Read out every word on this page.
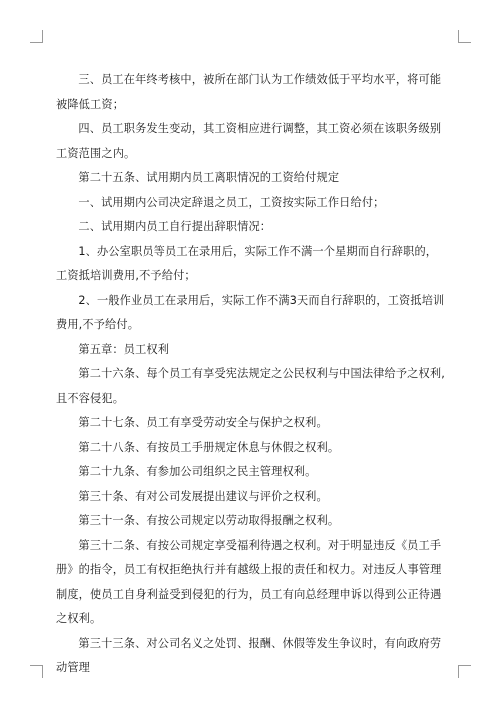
三、员工在年终考核中，被所在部门认为工作绩效低于平均水平，将可能被降低工资；

四、员工职务发生变动，其工资相应进行调整，其工资必须在该职务级别工资范围之内。

第二十五条、试用期内员工离职情况的工资给付规定

一、试用期内公司决定辞退之员工，工资按实际工作日给付；

二、试用期内员工自行提出辞职情况：

1、办公室职员等员工在录用后，实际工作不满一个星期而自行辞职的，工资抵培训费用,不予给付；

2、一般作业员工在录用后，实际工作不满3天而自行辞职的，工资抵培训费用,不予给付。

第五章：员工权利

第二十六条、每个员工有享受宪法规定之公民权利与中国法律给予之权利,且不容侵犯。

第二十七条、员工有享受劳动安全与保护之权利。

第二十八条、有按员工手册规定休息与休假之权利。

第二十九条、有参加公司组织之民主管理权利。

第三十条、有对公司发展提出建议与评价之权利。

第三十一条、有按公司规定以劳动取得报酬之权利。

第三十二条、有按公司规定享受福利待遇之权利。对于明显违反《员工手册》的指令，员工有权拒绝执行并有越级上报的责任和权力。对违反人事管理制度，使员工自身利益受到侵犯的行为，员工有向总经理申诉以得到公正待遇之权利。

第三十三条、对公司名义之处罚、报酬、休假等发生争议时，有向政府劳动管理
